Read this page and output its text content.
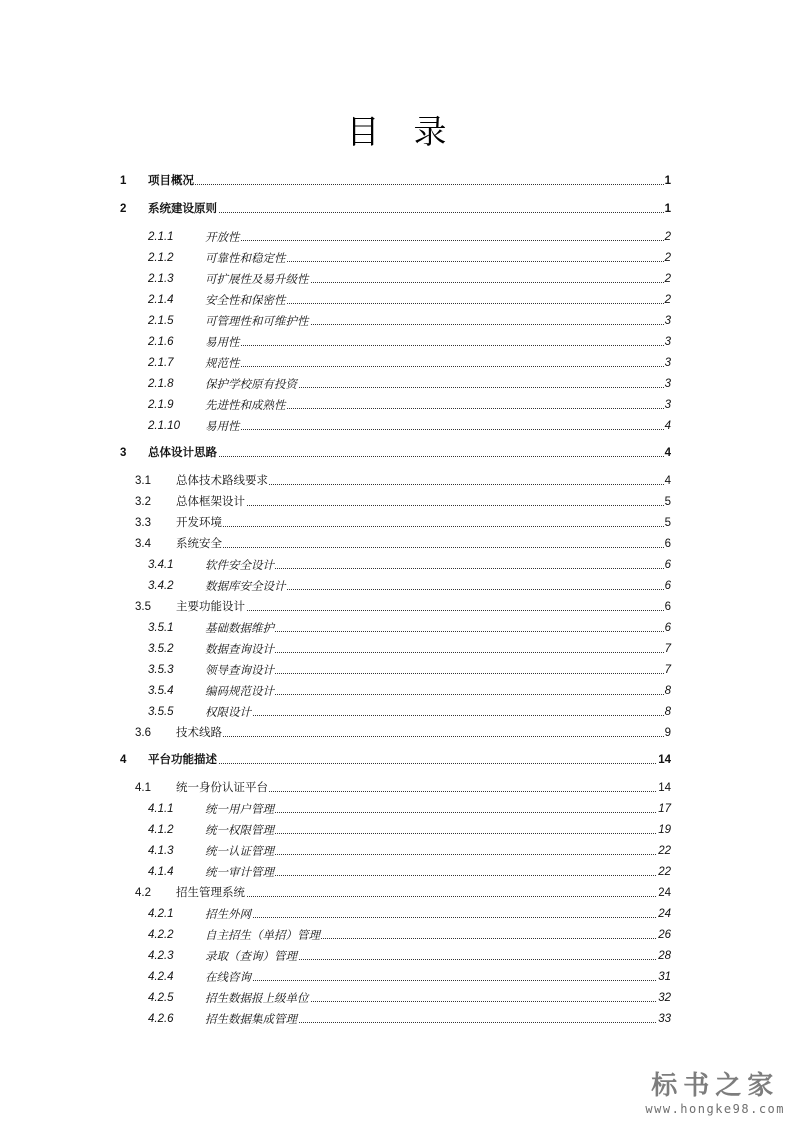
目录
1 项目概况	1
2 系统建设原则	1
2.1.1	开放性	2
2.1.2	可靠性和稳定性	2
2.1.3	可扩展性及易升级性	2
2.1.4	安全性和保密性	2
2.1.5	可管理性和可维护性	3
2.1.6	易用性	3
2.1.7	规范性	3
2.1.8	保护学校原有投资	3
2.1.9	先进性和成熟性	3
2.1.10 易用性	4
3 总体设计思路	4
3.1 总体技术路线要求	4
3.2 总体框架设计	5
3.3 开发环境	5
3.4 系统安全	6
3.4.1	软件安全设计	6
3.4.2	数据库安全设计	6
3.5 主要功能设计	6
3.5.1	基础数据维护	6
3.5.2	数据查询设计	7
3.5.3	领导查询设计	7
3.5.4	编码规范设计	8
3.5.5	权限设计	8
3.6 技术线路	9
4 平台功能描述	14
4.1 统一身份认证平台	14
4.1.1	统一用户管理	17
4.1.2	统一权限管理	19
4.1.3	统一认证管理	22
4.1.4	统一审计管理	22
4.2 招生管理系统	24
4.2.1	招生外网	24
4.2.2	自主招生（单招）管理	26
4.2.3	录取（查询）管理	28
4.2.4	在线咨询	31
4.2.5	招生数据报上级单位	32
4.2.6	招生数据集成管理	33
标书之家
www.hongke98.com
